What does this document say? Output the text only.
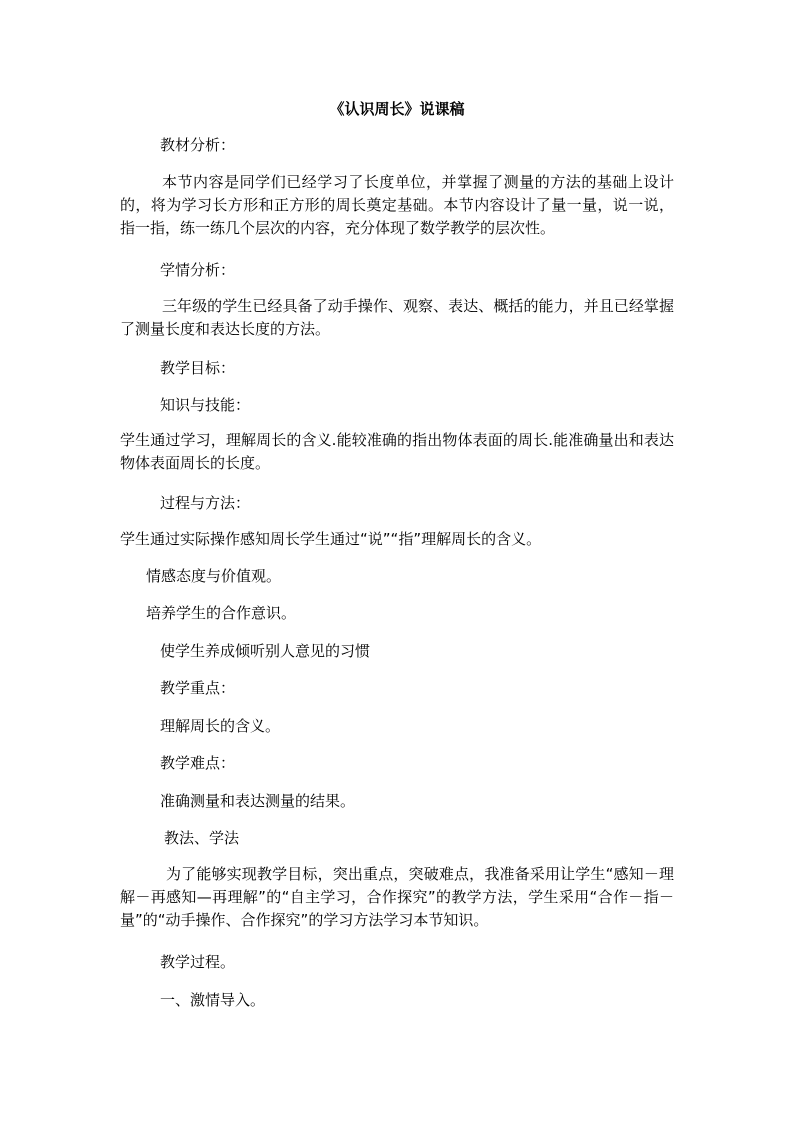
《认识周长》说课稿

教材分析：

本节内容是同学们已经学习了长度单位，并掌握了测量的方法的基础上设计的，将为学习长方形和正方形的周长奠定基础。本节内容设计了量一量，说一说，指一指，练一练几个层次的内容，充分体现了数学教学的层次性。

学情分析：

三年级的学生已经具备了动手操作、观察、表达、概括的能力，并且已经掌握了测量长度和表达长度的方法。

教学目标：

知识与技能：

学生通过学习，理解周长的含义.能较准确的指出物体表面的周长.能准确量出和表达物体表面周长的长度。

过程与方法：

学生通过实际操作感知周长学生通过“说”“指”理解周长的含义。

情感态度与价值观。

培养学生的合作意识。

使学生养成倾听别人意见的习惯

教学重点：

理解周长的含义。

教学难点：

准确测量和表达测量的结果。

教法、学法

为了能够实现教学目标，突出重点，突破难点，我准备采用让学生“感知－理解－再感知—再理解”的“自主学习，合作探究”的教学方法，学生采用“合作－指－量”的“动手操作、合作探究”的学习方法学习本节知识。

教学过程。

一、激情导入。
